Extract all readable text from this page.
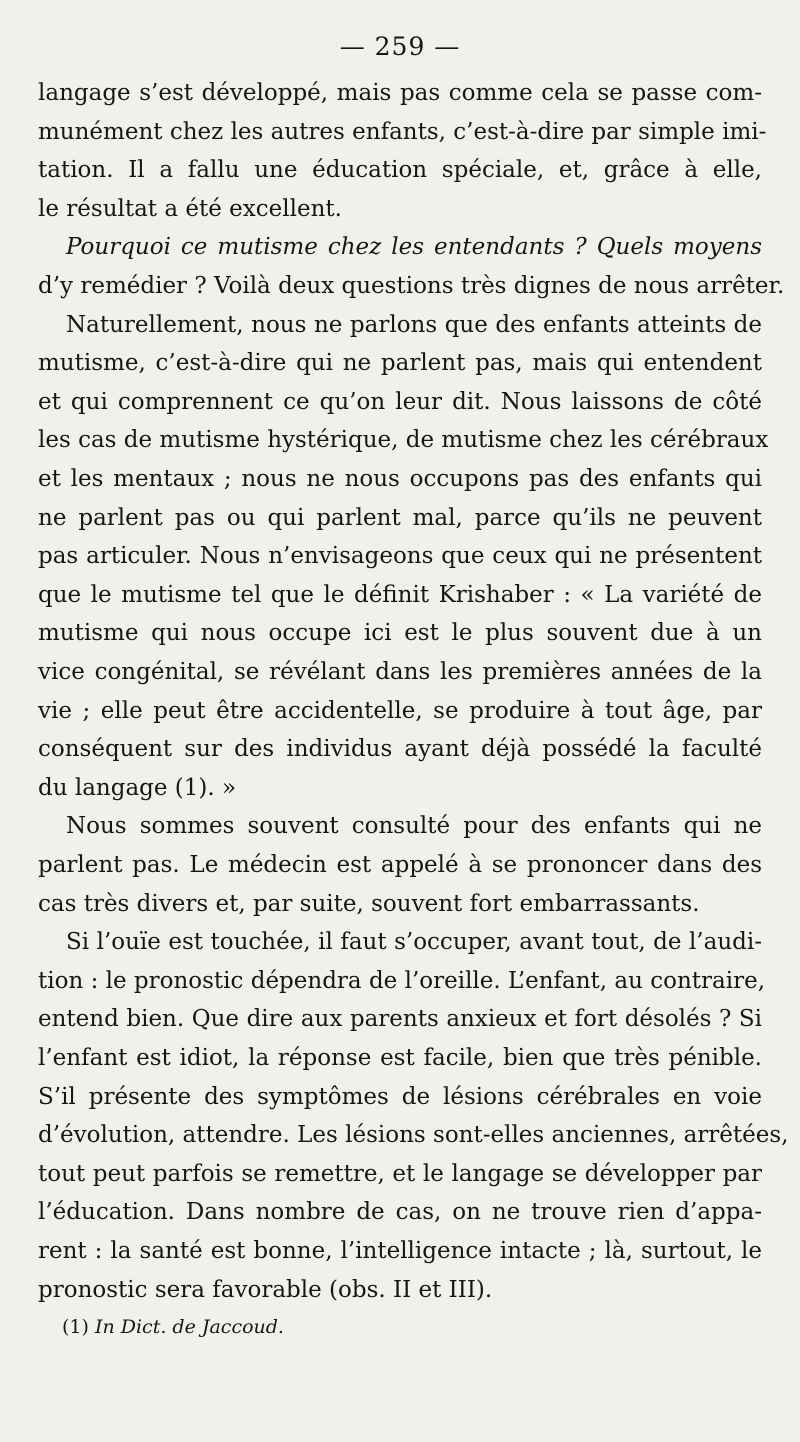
— 259 —
langage s’est développé, mais pas comme cela se passe com-
munément chez les autres enfants, c’est-à-dire par simple imi-
tation. Il a fallu une éducation spéciale, et, grâce à elle,
le résultat a été excellent.
Pourquoi ce mutisme chez les entendants ? Quels moyens
d’y remédier ? Voilà deux questions très dignes de nous arrêter.
Naturellement, nous ne parlons que des enfants atteints de
mutisme, c’est-à-dire qui ne parlent pas, mais qui entendent
et qui comprennent ce qu’on leur dit. Nous laissons de côté
les cas de mutisme hystérique, de mutisme chez les cérébraux
et les mentaux ; nous ne nous occupons pas des enfants qui
ne parlent pas ou qui parlent mal, parce qu’ils ne peuvent
pas articuler. Nous n’envisageons que ceux qui ne présentent
que le mutisme tel que le définit Krishaber : « La variété de
mutisme qui nous occupe ici est le plus souvent due à un
vice congénital, se révélant dans les premières années de la
vie ; elle peut être accidentelle, se produire à tout âge, par
conséquent sur des individus ayant déjà possédé la faculté
du langage (1). »
Nous sommes souvent consulté pour des enfants qui ne
parlent pas. Le médecin est appelé à se prononcer dans des
cas très divers et, par suite, souvent fort embarrassants.
Si l’ouïe est touchée, il faut s’occuper, avant tout, de l’audi-
tion : le pronostic dépendra de l’oreille. L’enfant, au contraire,
entend bien. Que dire aux parents anxieux et fort désolés ? Si
l’enfant est idiot, la réponse est facile, bien que très pénible.
S’il présente des symptômes de lésions cérébrales en voie
d’évolution, attendre. Les lésions sont-elles anciennes, arrêtées,
tout peut parfois se remettre, et le langage se développer par
l’éducation. Dans nombre de cas, on ne trouve rien d’appa-
rent : la santé est bonne, l’intelligence intacte ; là, surtout, le
pronostic sera favorable (obs. II et III).
(1) In Dict. de Jaccoud.
